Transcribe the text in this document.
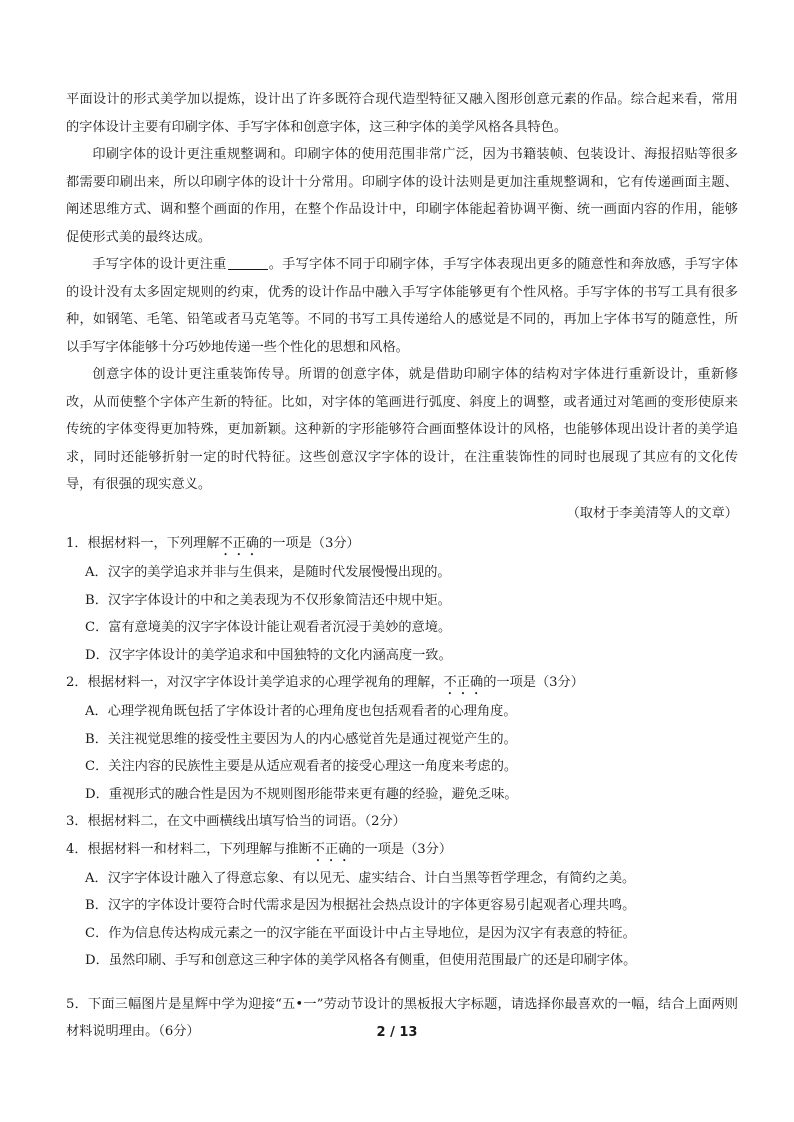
平面设计的形式美学加以提炼，设计出了许多既符合现代造型特征又融入图形创意元素的作品。综合起来看，常用的字体设计主要有印刷字体、手写字体和创意字体，这三种字体的美学风格各具特色。

印刷字体的设计更注重规整调和。印刷字体的使用范围非常广泛，因为书籍装帧、包装设计、海报招贴等很多都需要印刷出来，所以印刷字体的设计十分常用。印刷字体的设计法则是更加注重规整调和，它有传递画面主题、阐述思维方式、调和整个画面的作用，在整个作品设计中，印刷字体能起着协调平衡、统一画面内容的作用，能够促使形式美的最终达成。

手写字体的设计更注重	。手写字体不同于印刷字体，手写字体表现出更多的随意性和奔放感，手写字体的设计没有太多固定规则的约束，优秀的设计作品中融入手写字体能够更有个性风格。手写字体的书写工具有很多种，如钢笔、毛笔、铅笔或者马克笔等。不同的书写工具传递给人的感觉是不同的，再加上字体书写的随意性，所以手写字体能够十分巧妙地传递一些个性化的思想和风格。

创意字体的设计更注重装饰传导。所谓的创意字体，就是借助印刷字体的结构对字体进行重新设计，重新修改，从而使整个字体产生新的特征。比如，对字体的笔画进行弧度、斜度上的调整，或者通过对笔画的变形使原来传统的字体变得更加特殊，更加新颖。这种新的字形能够符合画面整体设计的风格，也能够体现出设计者的美学追求，同时还能够折射一定的时代特征。这些创意汉字字体的设计，在注重装饰性的同时也展现了其应有的文化传导，有很强的现实意义。

（取材于李美清等人的文章）

1．根据材料一，下列理解不正确的一项是（3分）

A．汉字的美学追求并非与生俱来，是随时代发展慢慢出现的。

B．汉字字体设计的中和之美表现为不仅形象简洁还中规中矩。

C．富有意境美的汉字字体设计能让观看者沉浸于美妙的意境。

D．汉字字体设计的美学追求和中国独特的文化内涵高度一致。

2．根据材料一，对汉字字体设计美学追求的心理学视角的理解，不正确的一项是（3分）

A．心理学视角既包括了字体设计者的心理角度也包括观看者的心理角度。

B．关注视觉思维的接受性主要因为人的内心感觉首先是通过视觉产生的。

C．关注内容的民族性主要是从适应观看者的接受心理这一角度来考虑的。

D．重视形式的融合性是因为不规则图形能带来更有趣的经验，避免乏味。

3．根据材料二，在文中画横线出填写恰当的词语。（2分）

4．根据材料一和材料二，下列理解与推断不正确的一项是（3分）

A．汉字字体设计融入了得意忘象、有以见无、虚实结合、计白当黑等哲学理念，有简约之美。

B．汉字的字体设计要符合时代需求是因为根据社会热点设计的字体更容易引起观者心理共鸣。

C．作为信息传达构成元素之一的汉字能在平面设计中占主导地位，是因为汉字有表意的特征。

D．虽然印刷、手写和创意这三种字体的美学风格各有侧重，但使用范围最广的还是印刷字体。

5．下面三幅图片是星辉中学为迎接“五•一”劳动节设计的黑板报大字标题，请选择你最喜欢的一幅，结合上面两则材料说明理由。（6分）	2 / 13
